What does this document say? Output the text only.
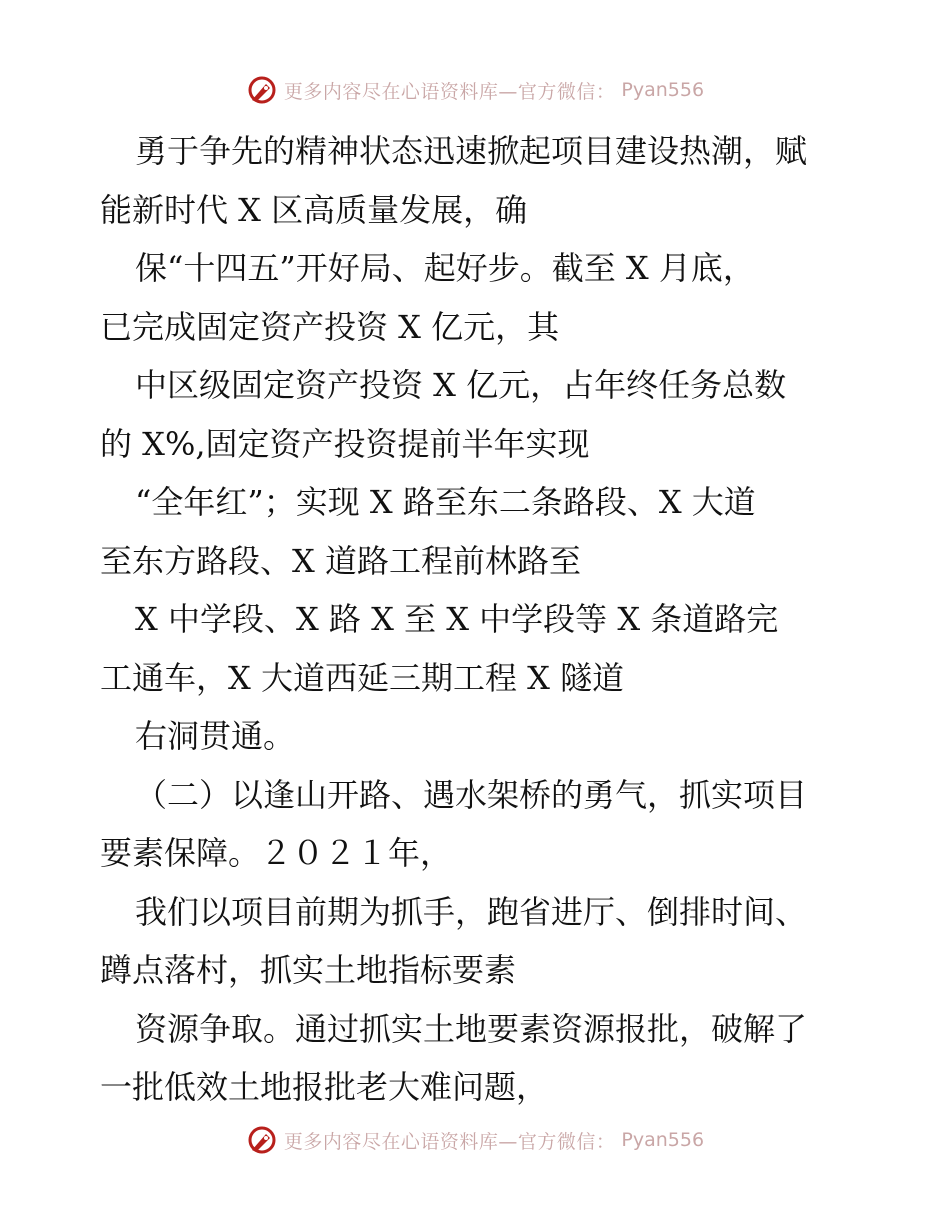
更多内容尽在心语资料库—官方微信： Pyan556
勇于争先的精神状态迅速掀起项目建设热潮，赋
能新时代 X 区高质量发展，确
保“十四五”开好局、起好步。截至 X 月底，
已完成固定资产投资 X 亿元，其
中区级固定资产投资 X 亿元，占年终任务总数
的 X%,固定资产投资提前半年实现
“全年红”；实现 X 路至东二条路段、X 大道
至东方路段、X 道路工程前林路至
X 中学段、X 路 X 至 X 中学段等 X 条道路完
工通车，X 大道西延三期工程 X 隧道
右洞贯通。
（二）以逢山开路、遇水架桥的勇气，抓实项目
要素保障。２０２１年，
我们以项目前期为抓手，跑省进厅、倒排时间、
蹲点落村，抓实土地指标要素
资源争取。通过抓实土地要素资源报批，破解了
一批低效土地报批老大难问题，
更多内容尽在心语资料库—官方微信： Pyan556
